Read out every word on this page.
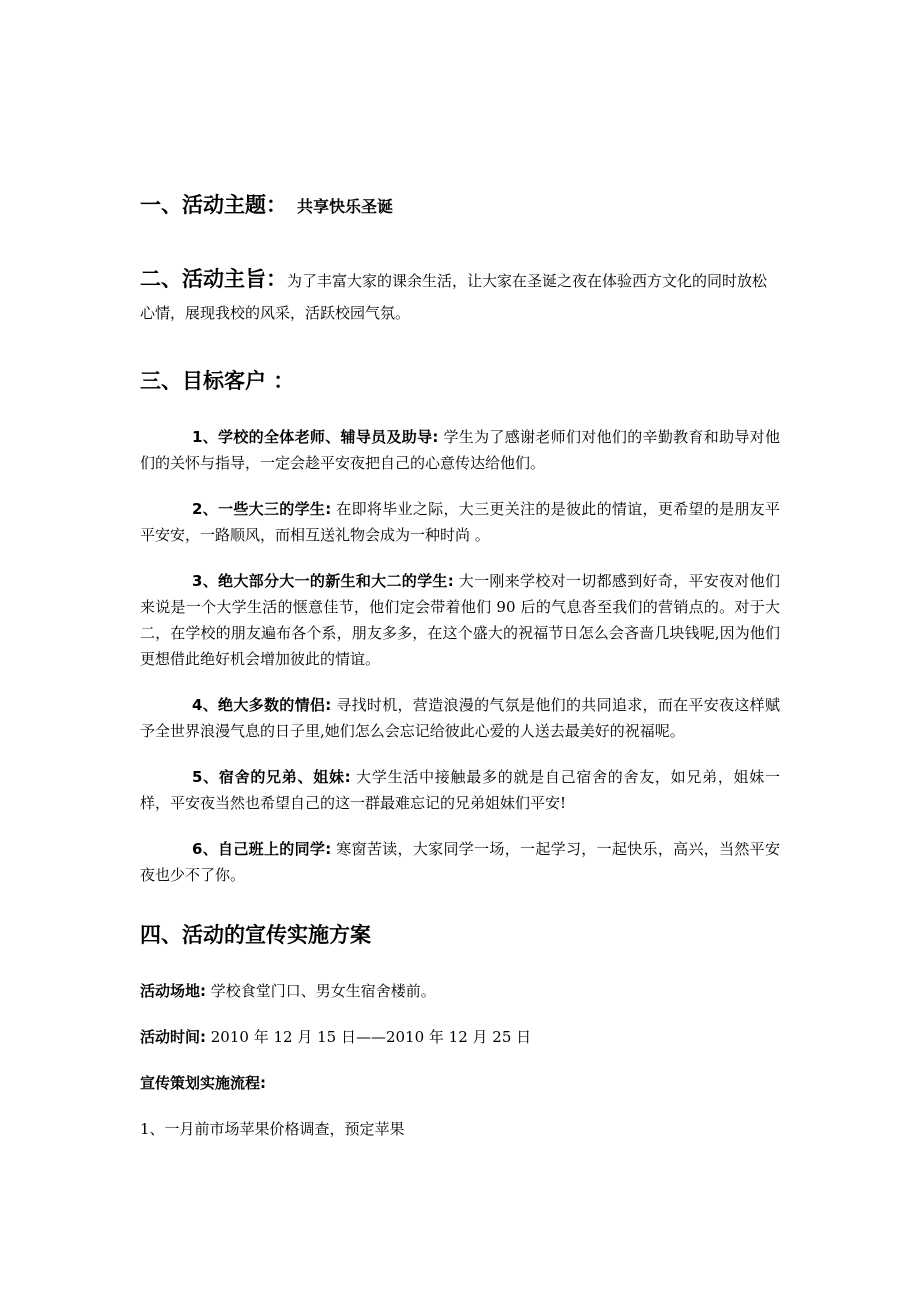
一、活动主题： 共享快乐圣诞
二、活动主旨：为了丰富大家的课余生活，让大家在圣诞之夜在体验西方文化的同时放松心情，展现我校的风采，活跃校园气氛。
三、目标客户 ：

1、学校的全体老师、辅导员及助导: 学生为了感谢老师们对他们的辛勤教育和助导对他们的关怀与指导，一定会趁平安夜把自己的心意传达给他们。

2、一些大三的学生: 在即将毕业之际，大三更关注的是彼此的情谊，更希望的是朋友平平安安，一路顺风，而相互送礼物会成为一种时尚 。

3、绝大部分大一的新生和大二的学生: 大一刚来学校对一切都感到好奇，平安夜对他们来说是一个大学生活的惬意佳节，他们定会带着他们 90 后的气息沓至我们的营销点的。对于大二，在学校的朋友遍布各个系，朋友多多，在这个盛大的祝福节日怎么会吝啬几块钱呢,因为他们更想借此绝好机会增加彼此的情谊。

4、绝大多数的情侣: 寻找时机，营造浪漫的气氛是他们的共同追求，而在平安夜这样赋予全世界浪漫气息的日子里,她们怎么会忘记给彼此心爱的人送去最美好的祝福呢。

5、宿舍的兄弟、姐妹: 大学生活中接触最多的就是自己宿舍的舍友，如兄弟，姐妹一样，平安夜当然也希望自己的这一群最难忘记的兄弟姐妹们平安!

6、自己班上的同学: 寒窗苦读，大家同学一场，一起学习，一起快乐，高兴，当然平安夜也少不了你。

四、活动的宣传实施方案

活动场地: 学校食堂门口、男女生宿舍楼前。

活动时间: 2010 年 12 月 15 日——2010 年 12 月 25 日

宣传策划实施流程:

1、一月前市场苹果价格调查，预定苹果
